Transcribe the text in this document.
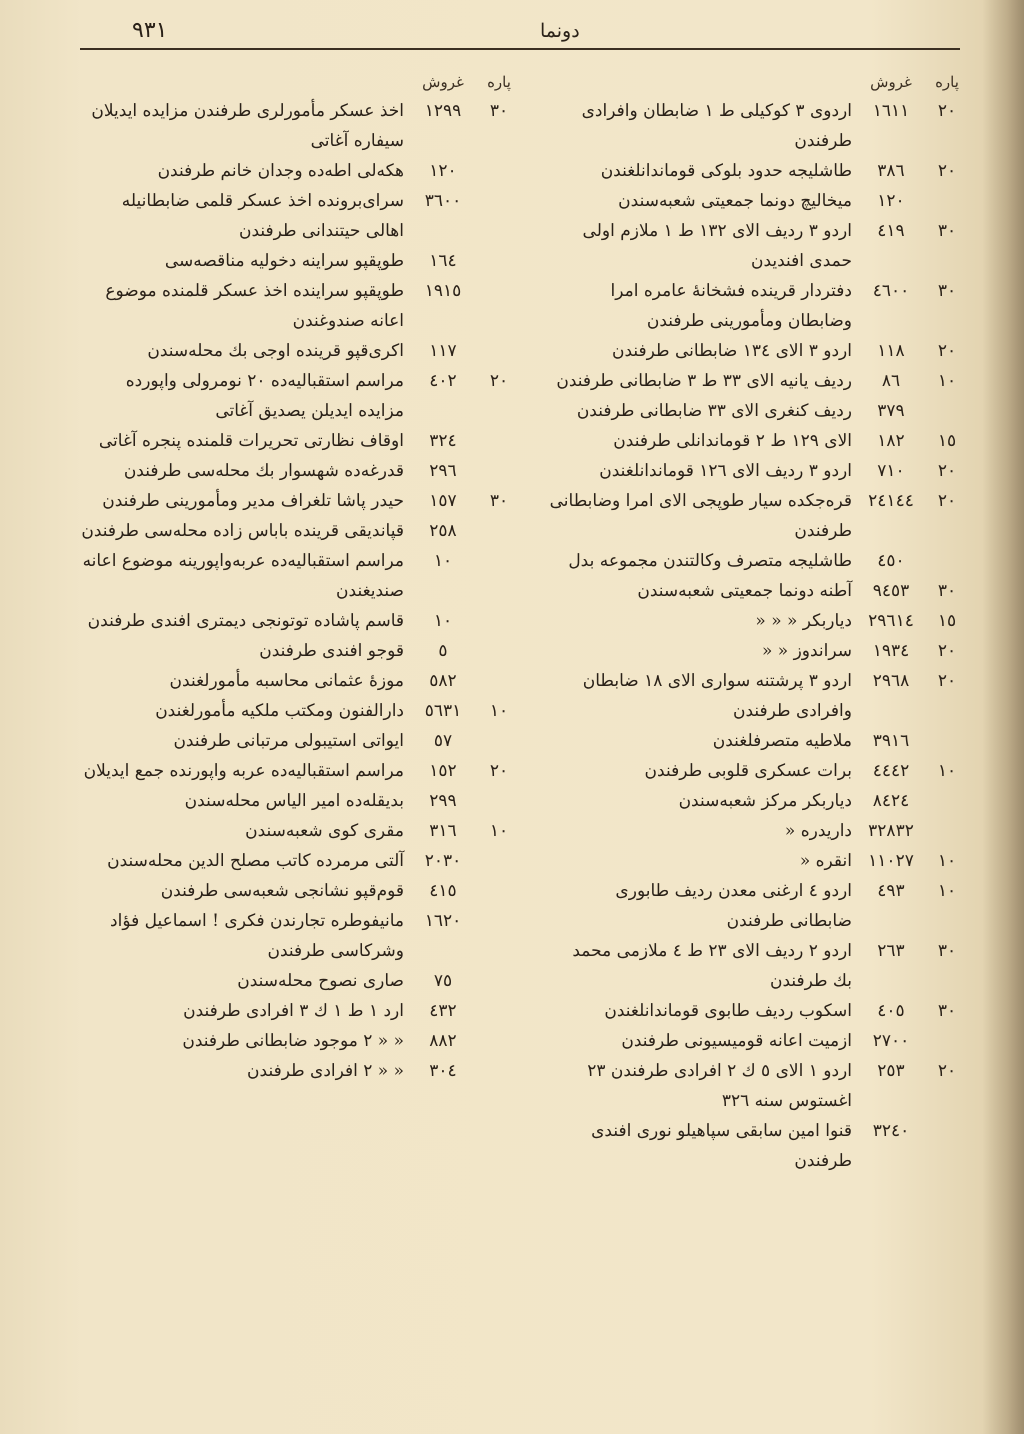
٩٣١	دونما
پاره
غروش
٢٠
١٦١١
اردوی ۳ کوکیلی ط ۱ ضابطان وافرادی طرفندن
٢٠
٣٨٦
طاشلیجه حدود بلوکی قوماندانلغندن
١٢٠
میخالیچ دونما جمعیتی شعبه‌سندن
٣٠
٤١٩
اردو ۳ ردیف الای ۱۳۲ ط ۱ ملازم اولی حمدی افندیدن
٣٠
٤٦٠٠
دفتردار قرینده فشخانهٔ عامره امرا وضابطان ومأمورینی طرفندن
٢٠
١١٨
اردو ۳ الای ۱۳٤ ضابطانی طرفندن
١٠
٨٦
ردیف یانیه الای ۳۳ ط ۳ ضابطانی طرفندن
٣٧٩
ردیف کنغری الای ۳۳ ضابطانی طرفندن
١٥
١٨٢
الای ۱۲۹ ط ۲ قوماندانلی طرفندن
٢٠
٧١٠
اردو ۳ ردیف الای ۱۲٦ قوماندانلغندن
٢٠
٢٤١٤٤
قره‌جکده سیار طوپجی الای امرا وضابطانی طرفندن
٤٥٠
طاشلیجه متصرف وکالتندن مجموعه بدل
٣٠
٩٤٥٣
آطنه دونما جمعیتی شعبه‌سندن
١٥
٢٩٦١٤
دیاربکر « « «
٢٠
١٩٣٤
سراندوز « «
٢٠
٢٩٦٨
اردو ۳ پرشتنه سواری الای ۱۸ ضابطان وافرادی طرفندن
٣٩١٦
ملاطیه متصرفلغندن
١٠
٤٤٤٢
برات عسکری قلوبی طرفندن
٨٤٢٤
دیاربکر مرکز شعبه‌سندن
٣٢٨٣٢
داریدره «
١٠
١١٠٢٧
انقره «
١٠
٤٩٣
اردو ٤ ارغنی معدن ردیف طابوری ضابطانی طرفندن
٣٠
٢٦٣
اردو ۲ ردیف الای ۲۳ ط ٤ ملازمی محمد بك طرفندن
٣٠
٤٠٥
اسکوب ردیف طابوی قوماندانلغندن
٢٧٠٠
ازمیت اعانه قومیسیونی طرفندن
٢٠
٢٥٣
اردو ۱ الای ٥ ك ۲ افرادی طرفندن ۲۳ اغستوس سنه ۳۲٦
٣٢٤٠
قنوا امین سابقی سپاهیلو نوری افندی طرفندن
پاره
غروش
٣٠
١٢٩٩
اخذ عسکر مأمورلری طرفندن مزایده ایدیلان سیفاره آغاتی
١٢٠
هکه‌لی اطه‌ده وجدان خانم طرفندن
٣٦٠٠
سرای‌برونده اخذ عسکر قلمی ضابطانیله اهالی حیتندانی طرفندن
١٦٤
طوپقپو سراینه دخولیه مناقصه‌سی
١٩١٥
طوپقپو سراینده اخذ عسکر قلمنده موضوع اعانه صندوغندن
١١٧
اکری‌قپو قرینده اوجی بك محله‌سندن
٢٠
٤٠٢
مراسم استقبالیه‌ده ۲۰ نومرولی واپورده مزایده ایدیلن یصدیق آغاتی
٣٢٤
اوقاف نظارتی تحریرات قلمنده پنجره آغاتی
٢٩٦
قدرغه‌ده شهسوار بك محله‌سی طرفندن
٣٠
١٥٧
حیدر پاشا تلغراف مدیر ومأمورینی طرفندن
٢٥٨
قپاندیقی قرینده باباس زاده محله‌سی طرفندن
١٠
مراسم استقبالیه‌ده عربه‌واپورینه موضوع اعانه صندیغندن
١٠
قاسم پاشاده توتونجی دیمتری افندی طرفندن
٥
قوجو افندی طرفندن
٥٨٢
موزهٔ عثمانی محاسبه مأمورلغندن
١٠
٥٦٣١
دارالفنون ومکتب ملکیه مأمورلغندن
٥٧
ایواتی استیبولی مرتبانی طرفندن
٢٠
١٥٢
مراسم استقبالیه‌ده عربه واپورنده جمع ایدیلان
٢٩٩
بدیقله‌ده امیر الیاس محله‌سندن
١٠
٣١٦
مقری کوی شعبه‌سندن
٢٠٣٠
آلتی مرمرده کاتب مصلح الدین محله‌سندن
٤١٥
قوم‌قپو نشانجی شعبه‌سی طرفندن
١٦٢٠
مانیفوطره تجارندن فکری ! اسماعیل فؤاد وشرکاسی طرفندن
٧٥
صاری نصوح محله‌سندن
٤٣٢
ارد ۱ ط ۱ ك ۳ افرادی طرفندن
٨٨٢
« « ۲ موجود ضابطانی طرفندن
٣٠٤
« « ۲ افرادی طرفندن
